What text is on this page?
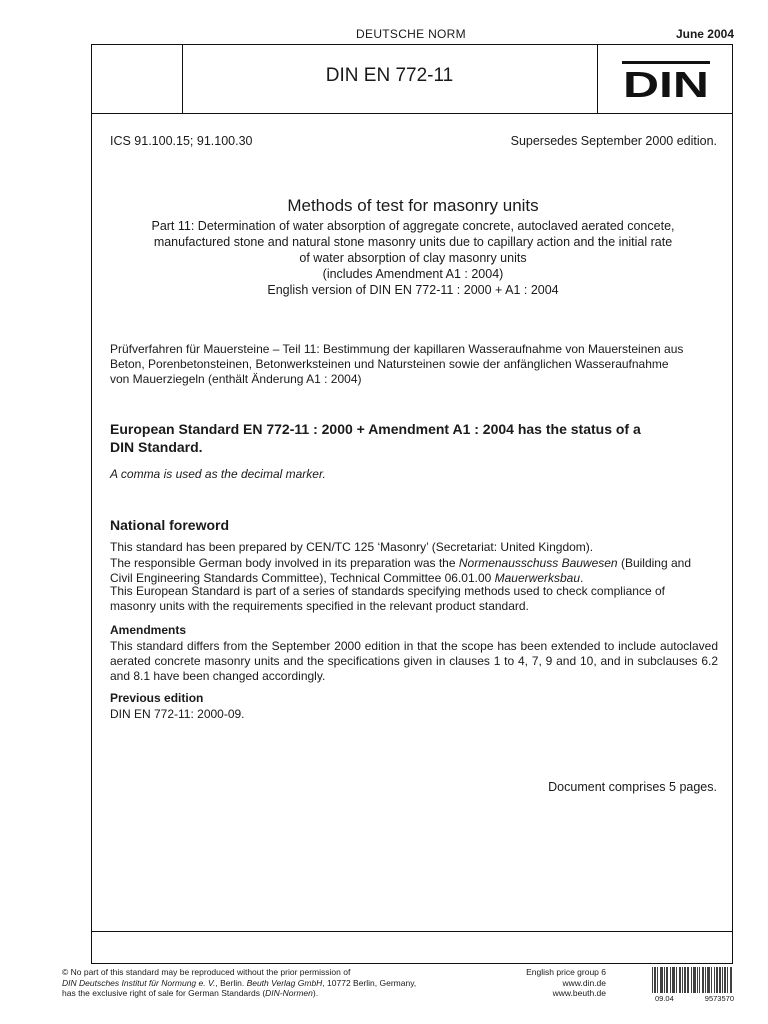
DEUTSCHE NORM	June 2004
DIN EN 772-11	DIN
ICS 91.100.15; 91.100.30	Supersedes September 2000 edition.
Methods of test for masonry units
Part 11: Determination of water absorption of aggregate concrete, autoclaved aerated concete,
manufactured stone and natural stone masonry units due to capillary action and the initial rate
of water absorption of clay masonry units
(includes Amendment A1 : 2004)
English version of DIN EN 772-11 : 2000 + A1 : 2004
Prüfverfahren für Mauersteine – Teil 11: Bestimmung der kapillaren Wasseraufnahme von Mauersteinen aus
Beton, Porenbetonsteinen, Betonwerksteinen und Natursteinen sowie der anfänglichen Wasseraufnahme
von Mauerziegeln (enthält Änderung A1 : 2004)
European Standard EN 772-11 : 2000 + Amendment A1 : 2004 has the status of a
DIN Standard.
A comma is used as the decimal marker.
National foreword
This standard has been prepared by CEN/TC 125 ‘Masonry’ (Secretariat: United Kingdom).
The responsible German body involved in its preparation was the Normenausschuss Bauwesen (Building and
Civil Engineering Standards Committee), Technical Committee 06.01.00 Mauerwerksbau.
This European Standard is part of a series of standards specifying methods used to check compliance of
masonry units with the requirements specified in the relevant product standard.
Amendments
This standard differs from the September 2000 edition in that the scope has been extended to include autoclaved aerated concrete masonry units and the specifications given in clauses 1 to 4, 7, 9 and 10, and in subclauses 6.2 and 8.1 have been changed accordingly.
Previous edition
DIN EN 772-11: 2000-09.
Document comprises 5 pages.
© No part of this standard may be reproduced without the prior permission of
DIN Deutsches Institut für Normung e. V., Berlin. Beuth Verlag GmbH, 10772 Berlin, Germany,
has the exclusive right of sale for German Standards (DIN-Normen).
English price group 6
www.din.de
www.beuth.de
09.04	9573570
